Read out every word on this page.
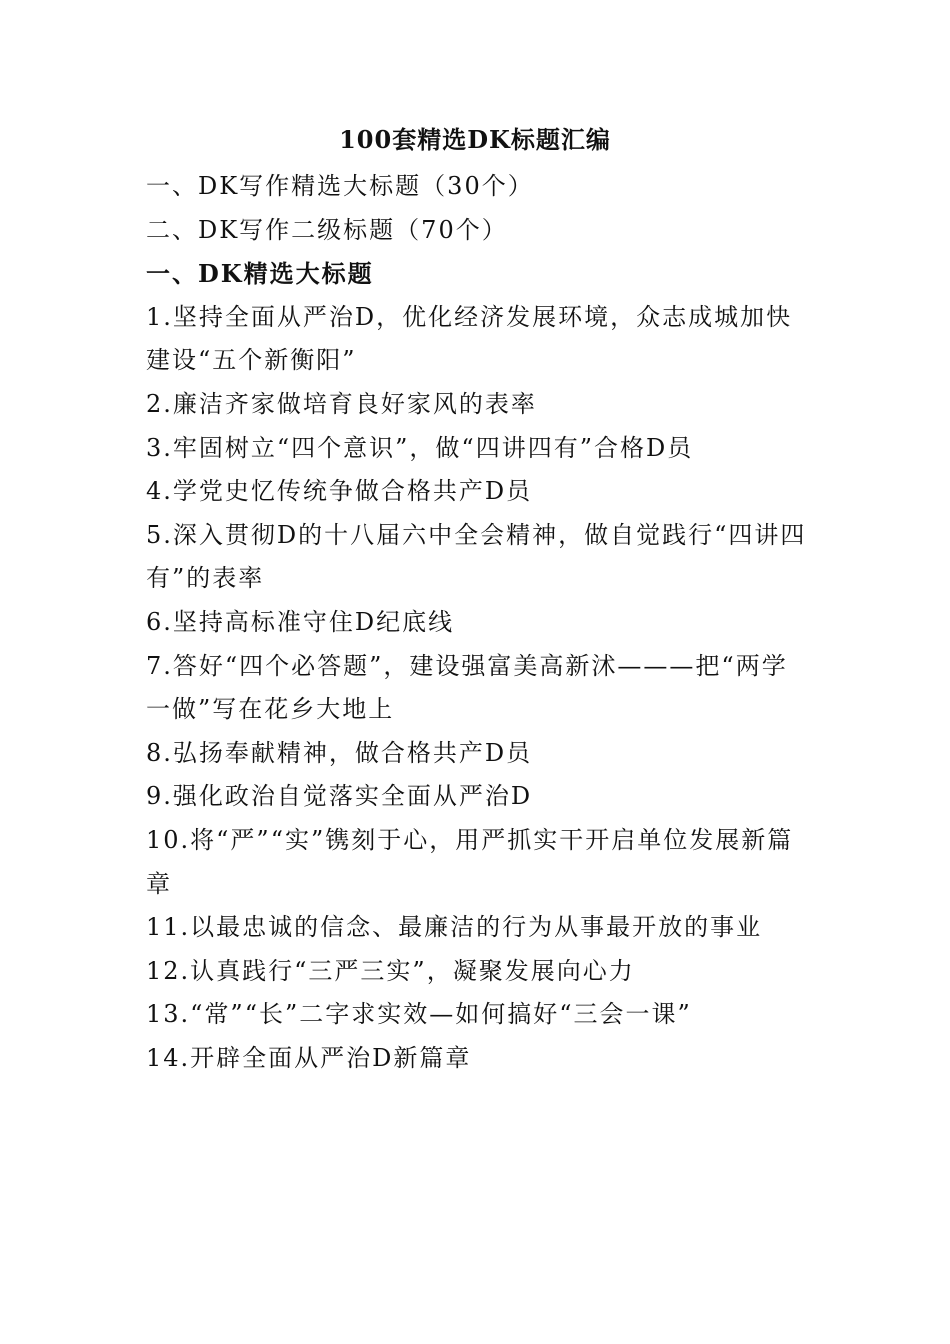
100套精选DK标题汇编

一、DK写作精选大标题（30个）

二、DK写作二级标题（70个）

一、DK精选大标题

1.坚持全面从严治D，优化经济发展环境，众志成城加快建设“五个新衡阳”

2.廉洁齐家做培育良好家风的表率

3.牢固树立“四个意识”，做“四讲四有”合格D员

4.学党史忆传统争做合格共产D员

5.深入贯彻D的十八届六中全会精神，做自觉践行“四讲四有”的表率

6.坚持高标准守住D纪底线

7.答好“四个必答题”，建设强富美高新沭———把“两学一做”写在花乡大地上

8.弘扬奉献精神，做合格共产D员

9.强化政治自觉落实全面从严治D

10.将“严”“实”镌刻于心，用严抓实干开启单位发展新篇章

11.以最忠诚的信念、最廉洁的行为从事最开放的事业

12.认真践行“三严三实”，凝聚发展向心力

13.“常”“长”二字求实效—如何搞好“三会一课”

14.开辟全面从严治D新篇章
